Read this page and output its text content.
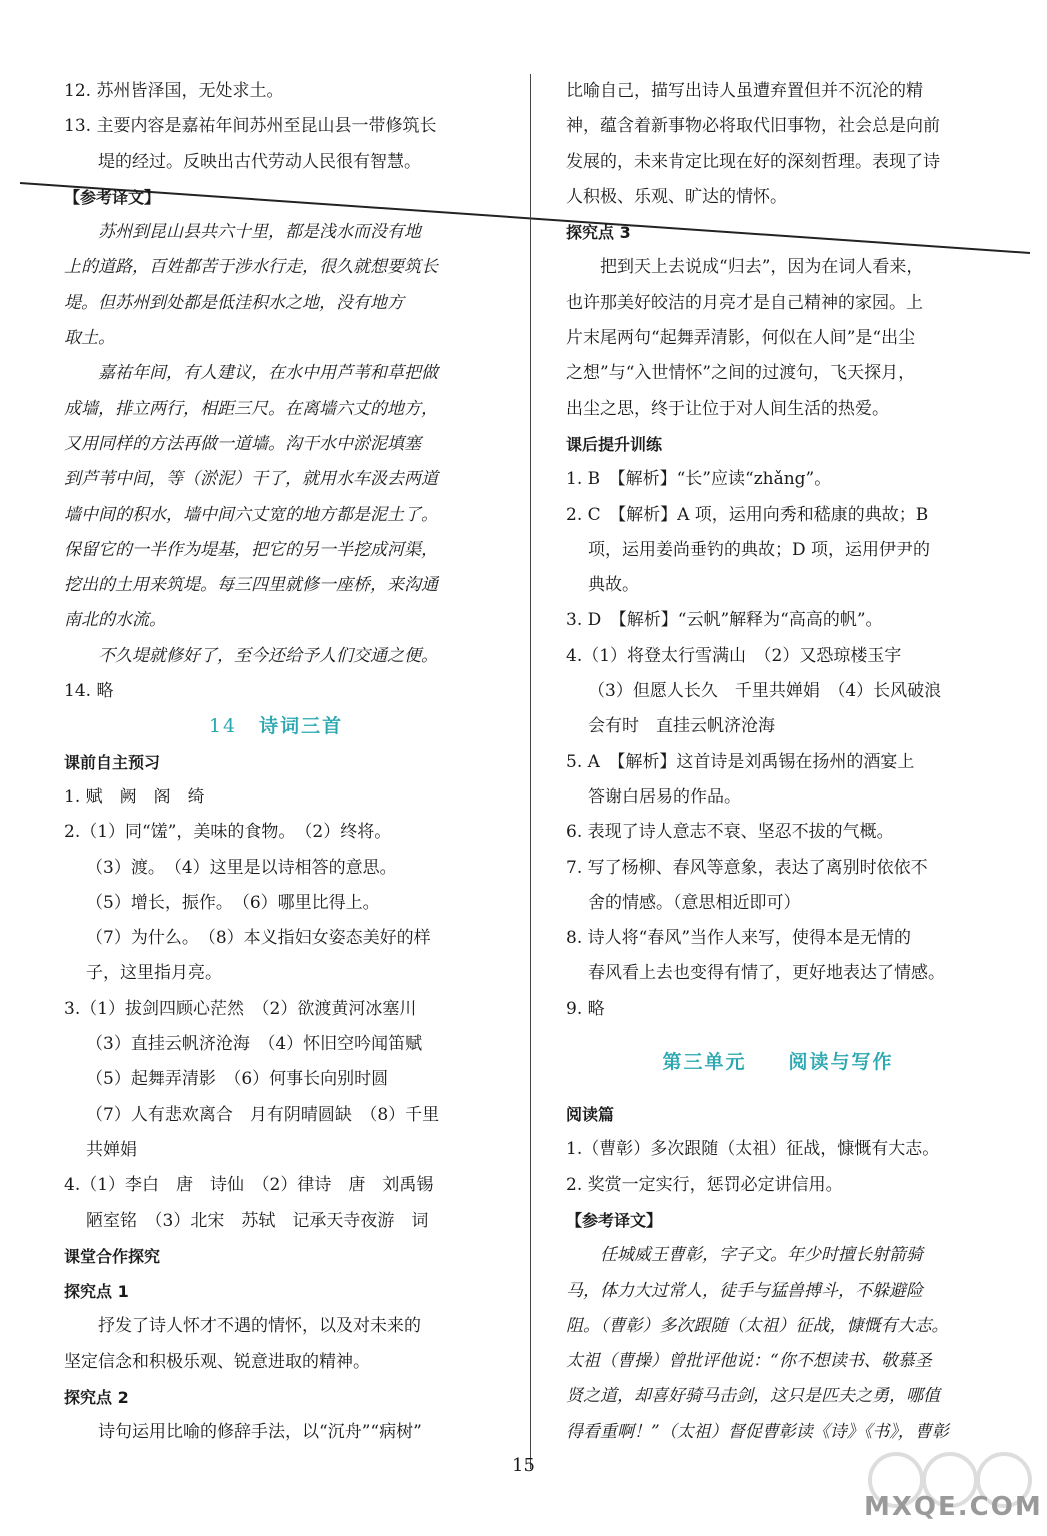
12. 苏州皆泽国，无处求土。

13. 主要内容是嘉祐年间苏州至昆山县一带修筑长

堤的经过。反映出古代劳动人民很有智慧。

【参考译文】

苏州到昆山县共六十里，都是浅水而没有地

上的道路，百姓都苦于涉水行走，很久就想要筑长

堤。但苏州到处都是低洼积水之地，没有地方

取土。

嘉祐年间，有人建议，在水中用芦苇和草把做

成墙，排立两行，相距三尺。在离墙六丈的地方，

又用同样的方法再做一道墙。沟干水中淤泥填塞

到芦苇中间，等（淤泥）干了，就用水车汲去两道

墙中间的积水，墙中间六丈宽的地方都是泥土了。

保留它的一半作为堤基，把它的另一半挖成河渠，

挖出的土用来筑堤。每三四里就修一座桥，来沟通

南北的水流。

不久堤就修好了，至今还给予人们交通之便。

14. 略

14 诗词三首

课前自主预习

1. 赋　阙　阁　绮

2.（1）同“馐”，美味的食物。　（2）终将。

（3）渡。　（4）这里是以诗相答的意思。

（5）增长，振作。　（6）哪里比得上。

（7）为什么。　（8）本义指妇女姿态美好的样

子，这里指月亮。

3.（1）拔剑四顾心茫然　（2）欲渡黄河冰塞川

（3）直挂云帆济沧海　（4）怀旧空吟闻笛赋

（5）起舞弄清影　（6）何事长向别时圆

（7）人有悲欢离合　月有阴晴圆缺　（8）千里

共婵娟

4.（1）李白　唐　诗仙　（2）律诗　唐　刘禹锡

陋室铭　（3）北宋　苏轼　记承天寺夜游　词

课堂合作探究

探究点 1

抒发了诗人怀才不遇的情怀，以及对未来的

坚定信念和积极乐观、锐意进取的精神。

探究点 2

诗句运用比喻的修辞手法，以“沉舟”“病树”

比喻自己，描写出诗人虽遭弃置但并不沉沦的精

神，蕴含着新事物必将取代旧事物，社会总是向前

发展的，未来肯定比现在好的深刻哲理。表现了诗

人积极、乐观、旷达的情怀。

探究点 3

把到天上去说成“归去”，因为在词人看来，

也许那美好皎洁的月亮才是自己精神的家园。上

片末尾两句“起舞弄清影，何似在人间”是“出尘

之想”与“入世情怀”之间的过渡句，飞天探月，

出尘之思，终于让位于对人间生活的热爱。

课后提升训练

1. B　【解析】“长”应读“zhǎng”。

2. C　【解析】A 项，运用向秀和嵇康的典故；B

项，运用姜尚垂钓的典故；D 项，运用伊尹的

典故。

3. D　【解析】“云帆”解释为“高高的帆”。

4.（1）将登太行雪满山　（2）又恐琼楼玉宇

（3）但愿人长久　千里共婵娟　（4）长风破浪

会有时　直挂云帆济沧海

5. A　【解析】这首诗是刘禹锡在扬州的酒宴上

答谢白居易的作品。

6. 表现了诗人意志不衰、坚忍不拔的气概。

7. 写了杨柳、春风等意象，表达了离别时依依不

舍的情感。（意思相近即可）

8. 诗人将“春风”当作人来写，使得本是无情的

春风看上去也变得有情了，更好地表达了情感。

9. 略

第三单元　　 阅读与写作

阅读篇

1.（曹彰）多次跟随（太祖）征战，慷慨有大志。

2. 奖赏一定实行，惩罚必定讲信用。

【参考译文】

任城威王曹彰，字子文。年少时擅长射箭骑

马，体力大过常人，徒手与猛兽搏斗，不躲避险

阻。（曹彰）多次跟随（太祖）征战，慷慨有大志。

太祖（曹操）曾批评他说：“你不想读书、敬慕圣

贤之道，却喜好骑马击剑，这只是匹夫之勇，哪值

得看重啊！”（太祖）督促曹彰读《诗》《书》，曹彰

15
MXQE.COM
